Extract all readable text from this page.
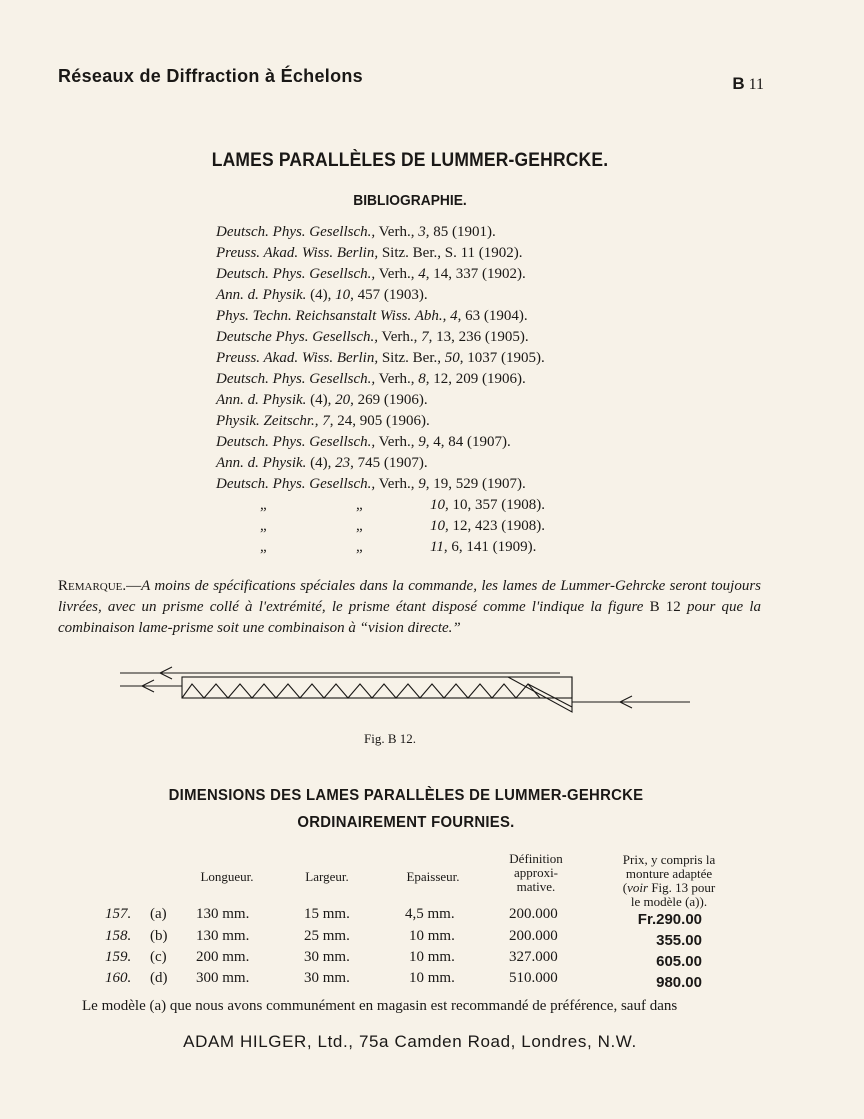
Réseaux de Diffraction à Échelons	B 11
LAMES PARALLÈLES DE LUMMER-GEHRCKE.
BIBLIOGRAPHIE.
Deutsch. Phys. Gesellsch., Verh., 3, 85 (1901).
Preuss. Akad. Wiss. Berlin, Sitz. Ber., S. 11 (1902).
Deutsch. Phys. Gesellsch., Verh., 4, 14, 337 (1902).
Ann. d. Physik. (4), 10, 457 (1903).
Phys. Techn. Reichsanstalt Wiss. Abh., 4, 63 (1904).
Deutsche Phys. Gesellsch., Verh., 7, 13, 236 (1905).
Preuss. Akad. Wiss. Berlin, Sitz. Ber., 50, 1037 (1905).
Deutsch. Phys. Gesellsch., Verh., 8, 12, 209 (1906).
Ann. d. Physik. (4), 20, 269 (1906).
Physik. Zeitschr., 7, 24, 905 (1906).
Deutsch. Phys. Gesellsch., Verh., 9, 4, 84 (1907).
Ann. d. Physik. (4), 23, 745 (1907).
Deutsch. Phys. Gesellsch., Verh., 9, 19, 529 (1907).
„	„	10, 10, 357 (1908).
„	„	10, 12, 423 (1908).
„	„	11, 6, 141 (1909).
Remarque.—A moins de spécifications spéciales dans la commande, les lames de Lummer-Gehrcke seront toujours livrées, avec un prisme collé à l'extrémité, le prisme étant disposé comme l'indique la figure B 12 pour que la combinaison lame-prisme soit une combinaison à “vision directe.”
Fig. B 12.
DIMENSIONS DES LAMES PARALLÈLES DE LUMMER-GEHRCKE
ORDINAIREMENT FOURNIES.
Longueur.	Largeur.	Epaisseur.
Définition approxi- mative.
Prix, y compris la
monture adaptée
(voir Fig. 13 pour
le modèle (a)).
157. (a) 130 mm.	15 mm.	4,5 mm.	200.000	Fr.290.00
158. (b) 130 mm.	25 mm.	10 mm.	200.000	355.00
159. (c) 200 mm.	30 mm.	10 mm.	327.000	605.00
160. (d) 300 mm.	30 mm.	10 mm.	510.000	980.00
Le modèle (a) que nous avons communément en magasin est recommandé de préférence, sauf dans
ADAM HILGER, Ltd., 75a Camden Road, Londres, N.W.
